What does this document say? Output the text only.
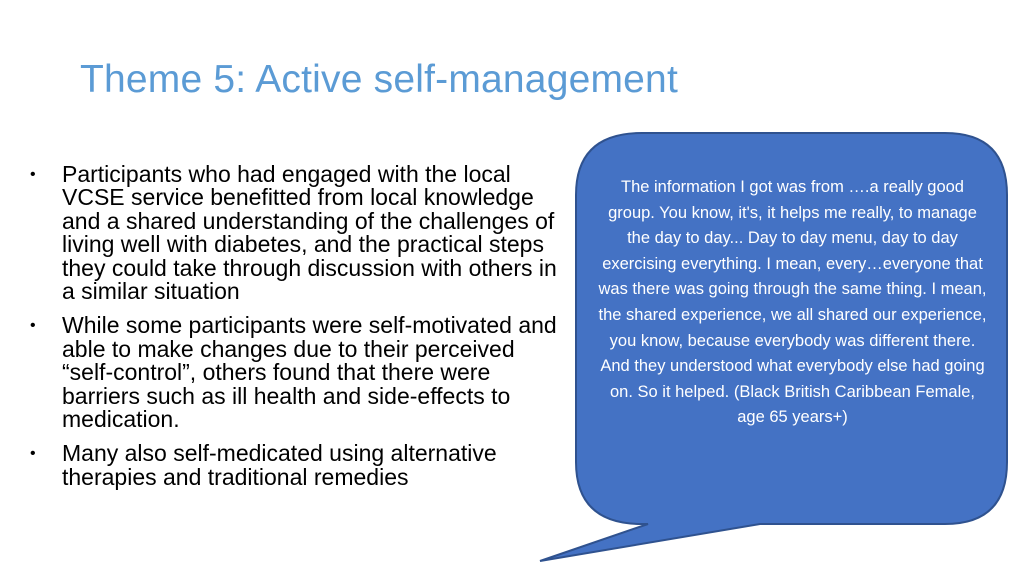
Theme 5: Active self-management
• Participants who had engaged with the local VCSE service benefitted from local knowledge and a shared understanding of the challenges of living well with diabetes, and the practical steps they could take through discussion with others in a similar situation
• While some participants were self-motivated and able to make changes due to their perceived “self-control”, others found that there were barriers such as ill health and side-effects to medication.
• Many also self-medicated using alternative therapies and traditional remedies

The information I got was from ….a really good group. You know, it's, it helps me really, to manage the day to day... Day to day menu, day to day exercising everything. I mean, every…everyone that was there was going through the same thing. I mean, the shared experience, we all shared our experience, you know, because everybody was different there. And they understood what everybody else had going on. So it helped. (Black British Caribbean Female, age 65 years+)
